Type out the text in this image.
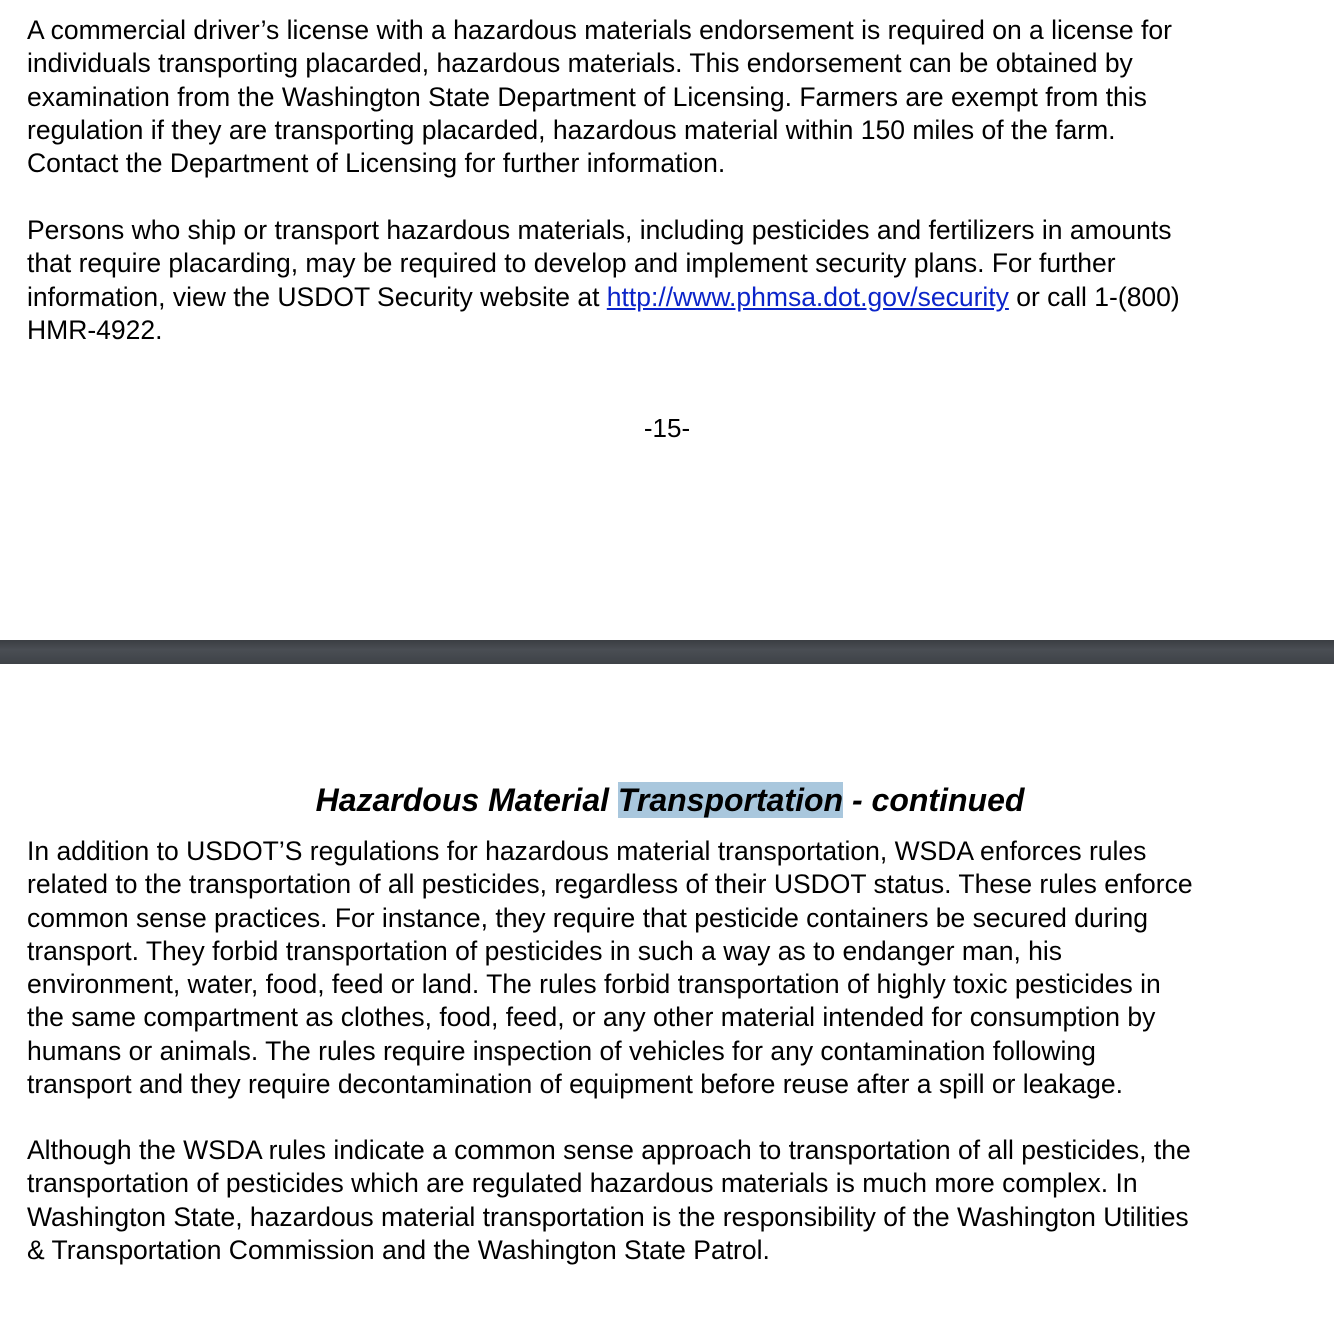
A commercial driver’s license with a hazardous materials endorsement is required on a license for
individuals transporting placarded, hazardous materials. This endorsement can be obtained by
examination from the Washington State Department of Licensing. Farmers are exempt from this
regulation if they are transporting placarded, hazardous material within 150 miles of the farm.
Contact the Department of Licensing for further information.

Persons who ship or transport hazardous materials, including pesticides and fertilizers in amounts
that require placarding, may be required to develop and implement security plans. For further
information, view the USDOT Security website at http://www.phmsa.dot.gov/security or call 1-(800)
HMR-4922.

-15-
Hazardous Material Transportation - continued

In addition to USDOT’S regulations for hazardous material transportation, WSDA enforces rules
related to the transportation of all pesticides, regardless of their USDOT status. These rules enforce
common sense practices. For instance, they require that pesticide containers be secured during
transport. They forbid transportation of pesticides in such a way as to endanger man, his
environment, water, food, feed or land. The rules forbid transportation of highly toxic pesticides in
the same compartment as clothes, food, feed, or any other material intended for consumption by
humans or animals. The rules require inspection of vehicles for any contamination following
transport and they require decontamination of equipment before reuse after a spill or leakage.

Although the WSDA rules indicate a common sense approach to transportation of all pesticides, the
transportation of pesticides which are regulated hazardous materials is much more complex. In
Washington State, hazardous material transportation is the responsibility of the Washington Utilities
& Transportation Commission and the Washington State Patrol.
